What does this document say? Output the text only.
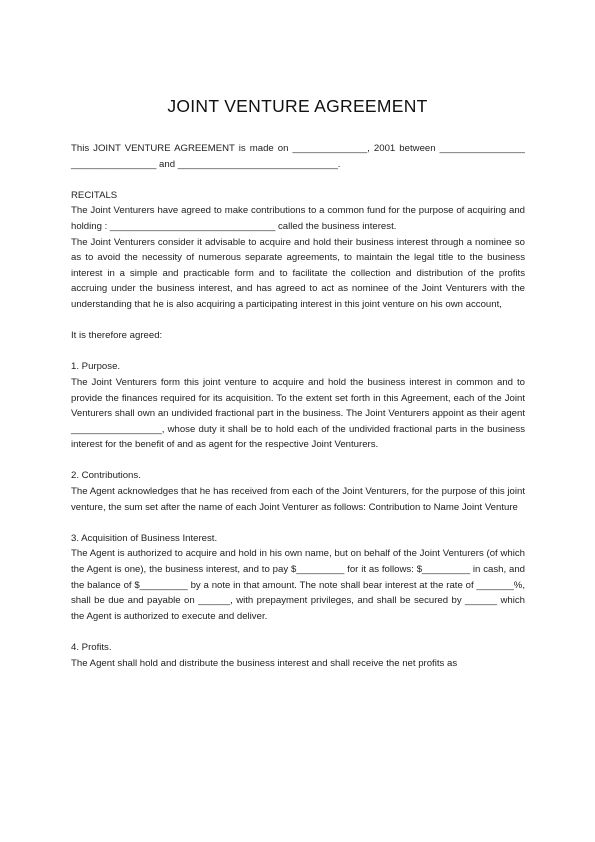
JOINT VENTURE AGREEMENT

This JOINT VENTURE AGREEMENT is made on ______________, 2001 between ________________ ________________ and ______________________________.

RECITALS

The Joint Venturers have agreed to make contributions to a common fund for the purpose of acquiring and holding : _______________________________ called the business interest.

The Joint Venturers consider it advisable to acquire and hold their business interest through a nominee so as to avoid the necessity of numerous separate agreements, to maintain the legal title to the business interest in a simple and practicable form and to facilitate the collection and distribution of the profits accruing under the business interest, and has agreed to act as nominee of the Joint Venturers with the understanding that he is also acquiring a participating interest in this joint venture on his own account,

It is therefore agreed:

1. Purpose.

The Joint Venturers form this joint venture to acquire and hold the business interest in common and to provide the finances required for its acquisition. To the extent set forth in this Agreement, each of the Joint Venturers shall own an undivided fractional part in the business. The Joint Venturers appoint as their agent _________________, whose duty it shall be to hold each of the undivided fractional parts in the business interest for the benefit of and as agent for the respective Joint Venturers.

2. Contributions.

The Agent acknowledges that he has received from each of the Joint Venturers, for the purpose of this joint venture, the sum set after the name of each Joint Venturer as follows: Contribution to Name Joint Venture

3. Acquisition of Business Interest.

The Agent is authorized to acquire and hold in his own name, but on behalf of the Joint Venturers (of which the Agent is one), the business interest, and to pay $_________ for it as follows: $_________ in cash, and the balance of $_________ by a note in that amount. The note shall bear interest at the rate of _______%, shall be due and payable on ______, with prepayment privileges, and shall be secured by ______ which the Agent is authorized to execute and deliver.

4. Profits.

The Agent shall hold and distribute the business interest and shall receive the net profits as
